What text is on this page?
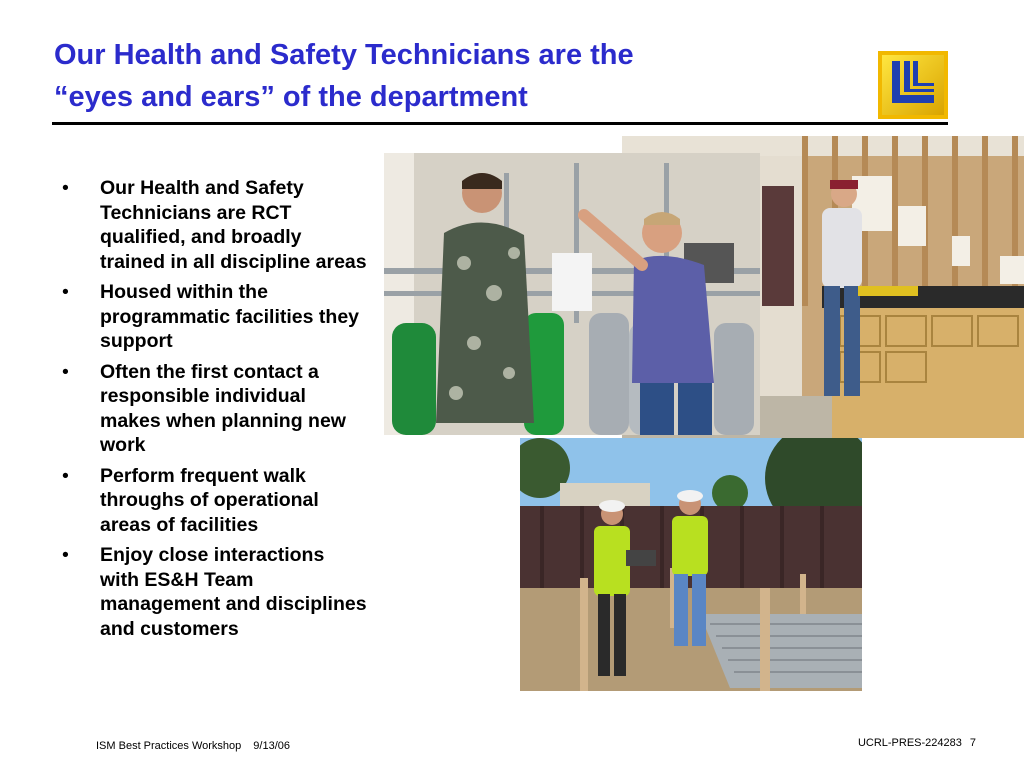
Our Health and Safety Technicians are the
“eyes and ears” of the department
• Our Health and Safety Technicians are RCT qualified, and broadly trained in all discipline areas
• Housed within the programmatic facilities they support
• Often the first contact a responsible individual makes when planning new work
• Perform frequent walk throughs of operational areas of facilities
• Enjoy close interactions with ES&H Team management and disciplines and customers
ISM Best Practices Workshop 9/13/06	UCRL-PRES-224283 7
